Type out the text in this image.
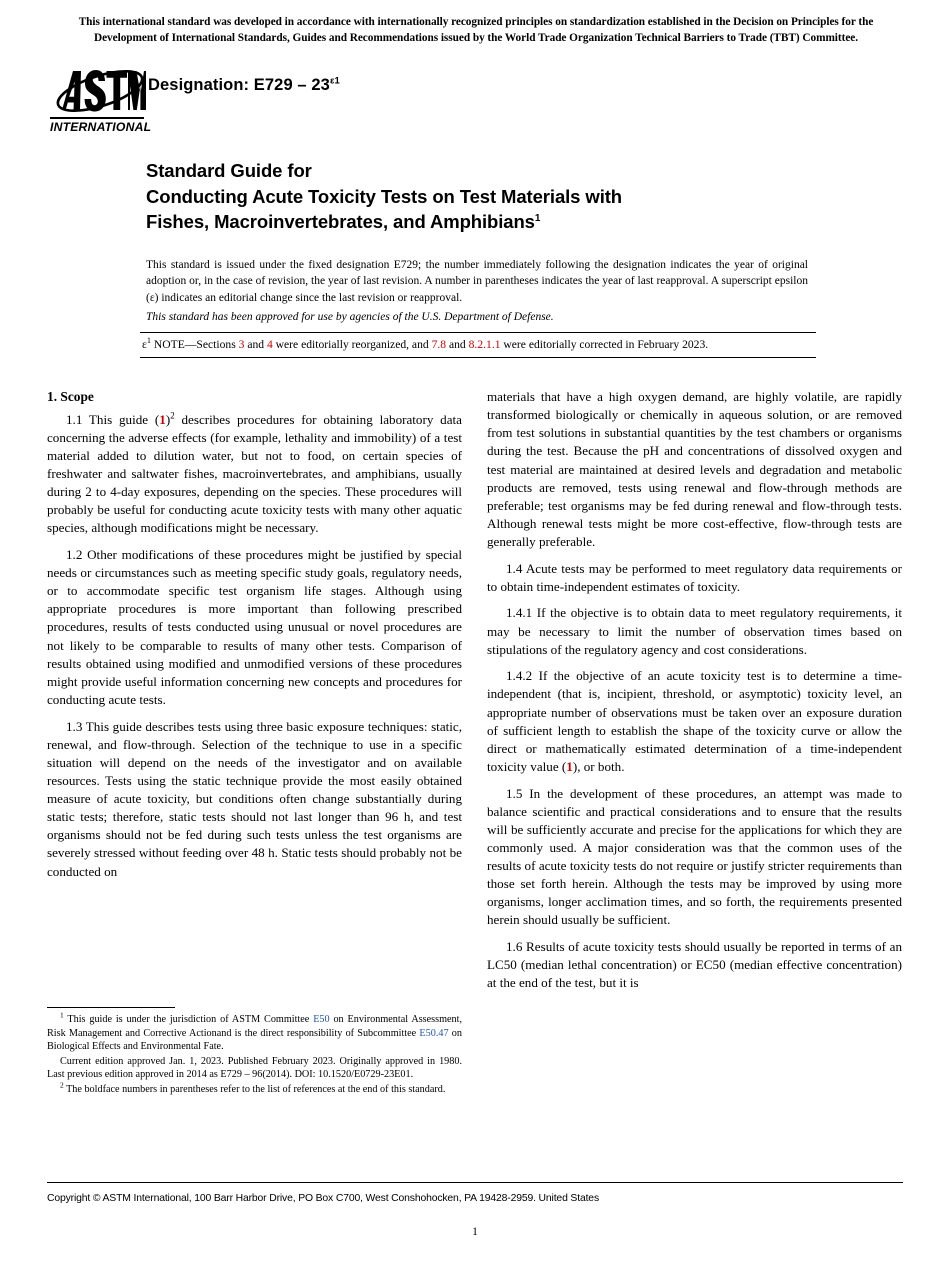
This international standard was developed in accordance with internationally recognized principles on standardization established in the Decision on Principles for the
Development of International Standards, Guides and Recommendations issued by the World Trade Organization Technical Barriers to Trade (TBT) Committee.
INTERNATIONAL
Designation: $E729 - 23^{\varepsilon 1}$
Standard Guide for
Conducting Acute Toxicity Tests on Test Materials with
Fishes, Macroinvertebrates, and Amphibians$^1$
This standard is issued under the fixed designation E729; the number immediately following the designation indicates the year of original adoption or, in the case of revision, the year of last revision. A number in parentheses indicates the year of last reapproval. A superscript epsilon (ε) indicates an editorial change since the last revision or reapproval.
This standard has been approved for use by agencies of the U.S. Department of Defense.
$\varepsilon^1$ NOTE—Sections 3 and 4 were editorially reorganized, and 7.8 and 8.2.1.1 were editorially corrected in February 2023.
1. Scope

1.1 This guide $(1)^2$ describes procedures for obtaining laboratory data concerning the adverse effects (for example, lethality and immobility) of a test material added to dilution water, but not to food, on certain species of freshwater and saltwater fishes, macroinvertebrates, and amphibians, usually during 2 to 4-day exposures, depending on the species. These procedures will probably be useful for conducting acute toxicity tests with many other aquatic species, although modifications might be necessary.

1.2 Other modifications of these procedures might be justified by special needs or circumstances such as meeting specific study goals, regulatory needs, or to accommodate specific test organism life stages. Although using appropriate procedures is more important than following prescribed procedures, results of tests conducted using unusual or novel procedures are not likely to be comparable to results of many other tests. Comparison of results obtained using modified and unmodified versions of these procedures might provide useful information concerning new concepts and procedures for conducting acute tests.

1.3 This guide describes tests using three basic exposure techniques: static, renewal, and flow-through. Selection of the technique to use in a specific situation will depend on the needs of the investigator and on available resources. Tests using the static technique provide the most easily obtained measure of acute toxicity, but conditions often change substantially during static tests; therefore, static tests should not last longer than 96 h, and test organisms should not be fed during such tests unless the test organisms are severely stressed without feeding over 48 h. Static tests should probably not be conducted on

materials that have a high oxygen demand, are highly volatile, are rapidly transformed biologically or chemically in aqueous solution, or are removed from test solutions in substantial quantities by the test chambers or organisms during the test. Because the pH and concentrations of dissolved oxygen and test material are maintained at desired levels and degradation and metabolic products are removed, tests using renewal and flow-through methods are preferable; test organisms may be fed during renewal and flow-through tests. Although renewal tests might be more cost-effective, flow-through tests are generally preferable.

1.4 Acute tests may be performed to meet regulatory data requirements or to obtain time-independent estimates of toxicity.

1.4.1 If the objective is to obtain data to meet regulatory requirements, it may be necessary to limit the number of observation times based on stipulations of the regulatory agency and cost considerations.

1.4.2 If the objective of an acute toxicity test is to determine a time-independent (that is, incipient, threshold, or asymptotic) toxicity level, an appropriate number of observations must be taken over an exposure duration of sufficient length to establish the shape of the toxicity curve or allow the direct or mathematically estimated determination of a time-independent toxicity value (1), or both.

1.5 In the development of these procedures, an attempt was made to balance scientific and practical considerations and to ensure that the results will be sufficiently accurate and precise for the applications for which they are commonly used. A major consideration was that the common uses of the results of acute toxicity tests do not require or justify stricter requirements than those set forth herein. Although the tests may be improved by using more organisms, longer acclimation times, and so forth, the requirements presented herein should usually be sufficient.

1.6 Results of acute toxicity tests should usually be reported in terms of an LC50 (median lethal concentration) or EC50 (median effective concentration) at the end of the test, but it is

$^1$ This guide is under the jurisdiction of ASTM Committee E50 on Environmental Assessment, Risk Management and Corrective Actionand is the direct responsibility of Subcommittee E50.47 on Biological Effects and Environmental Fate.

Current edition approved Jan. 1, 2023. Published February 2023. Originally approved in 1980. Last previous edition approved in 2014 as E729 – 96(2014). DOI: 10.1520/E0729-23E01.

$^2$ The boldface numbers in parentheses refer to the list of references at the end of this standard.

Copyright © ASTM International, 100 Barr Harbor Drive, PO Box C700, West Conshohocken, PA 19428-2959. United States
1
